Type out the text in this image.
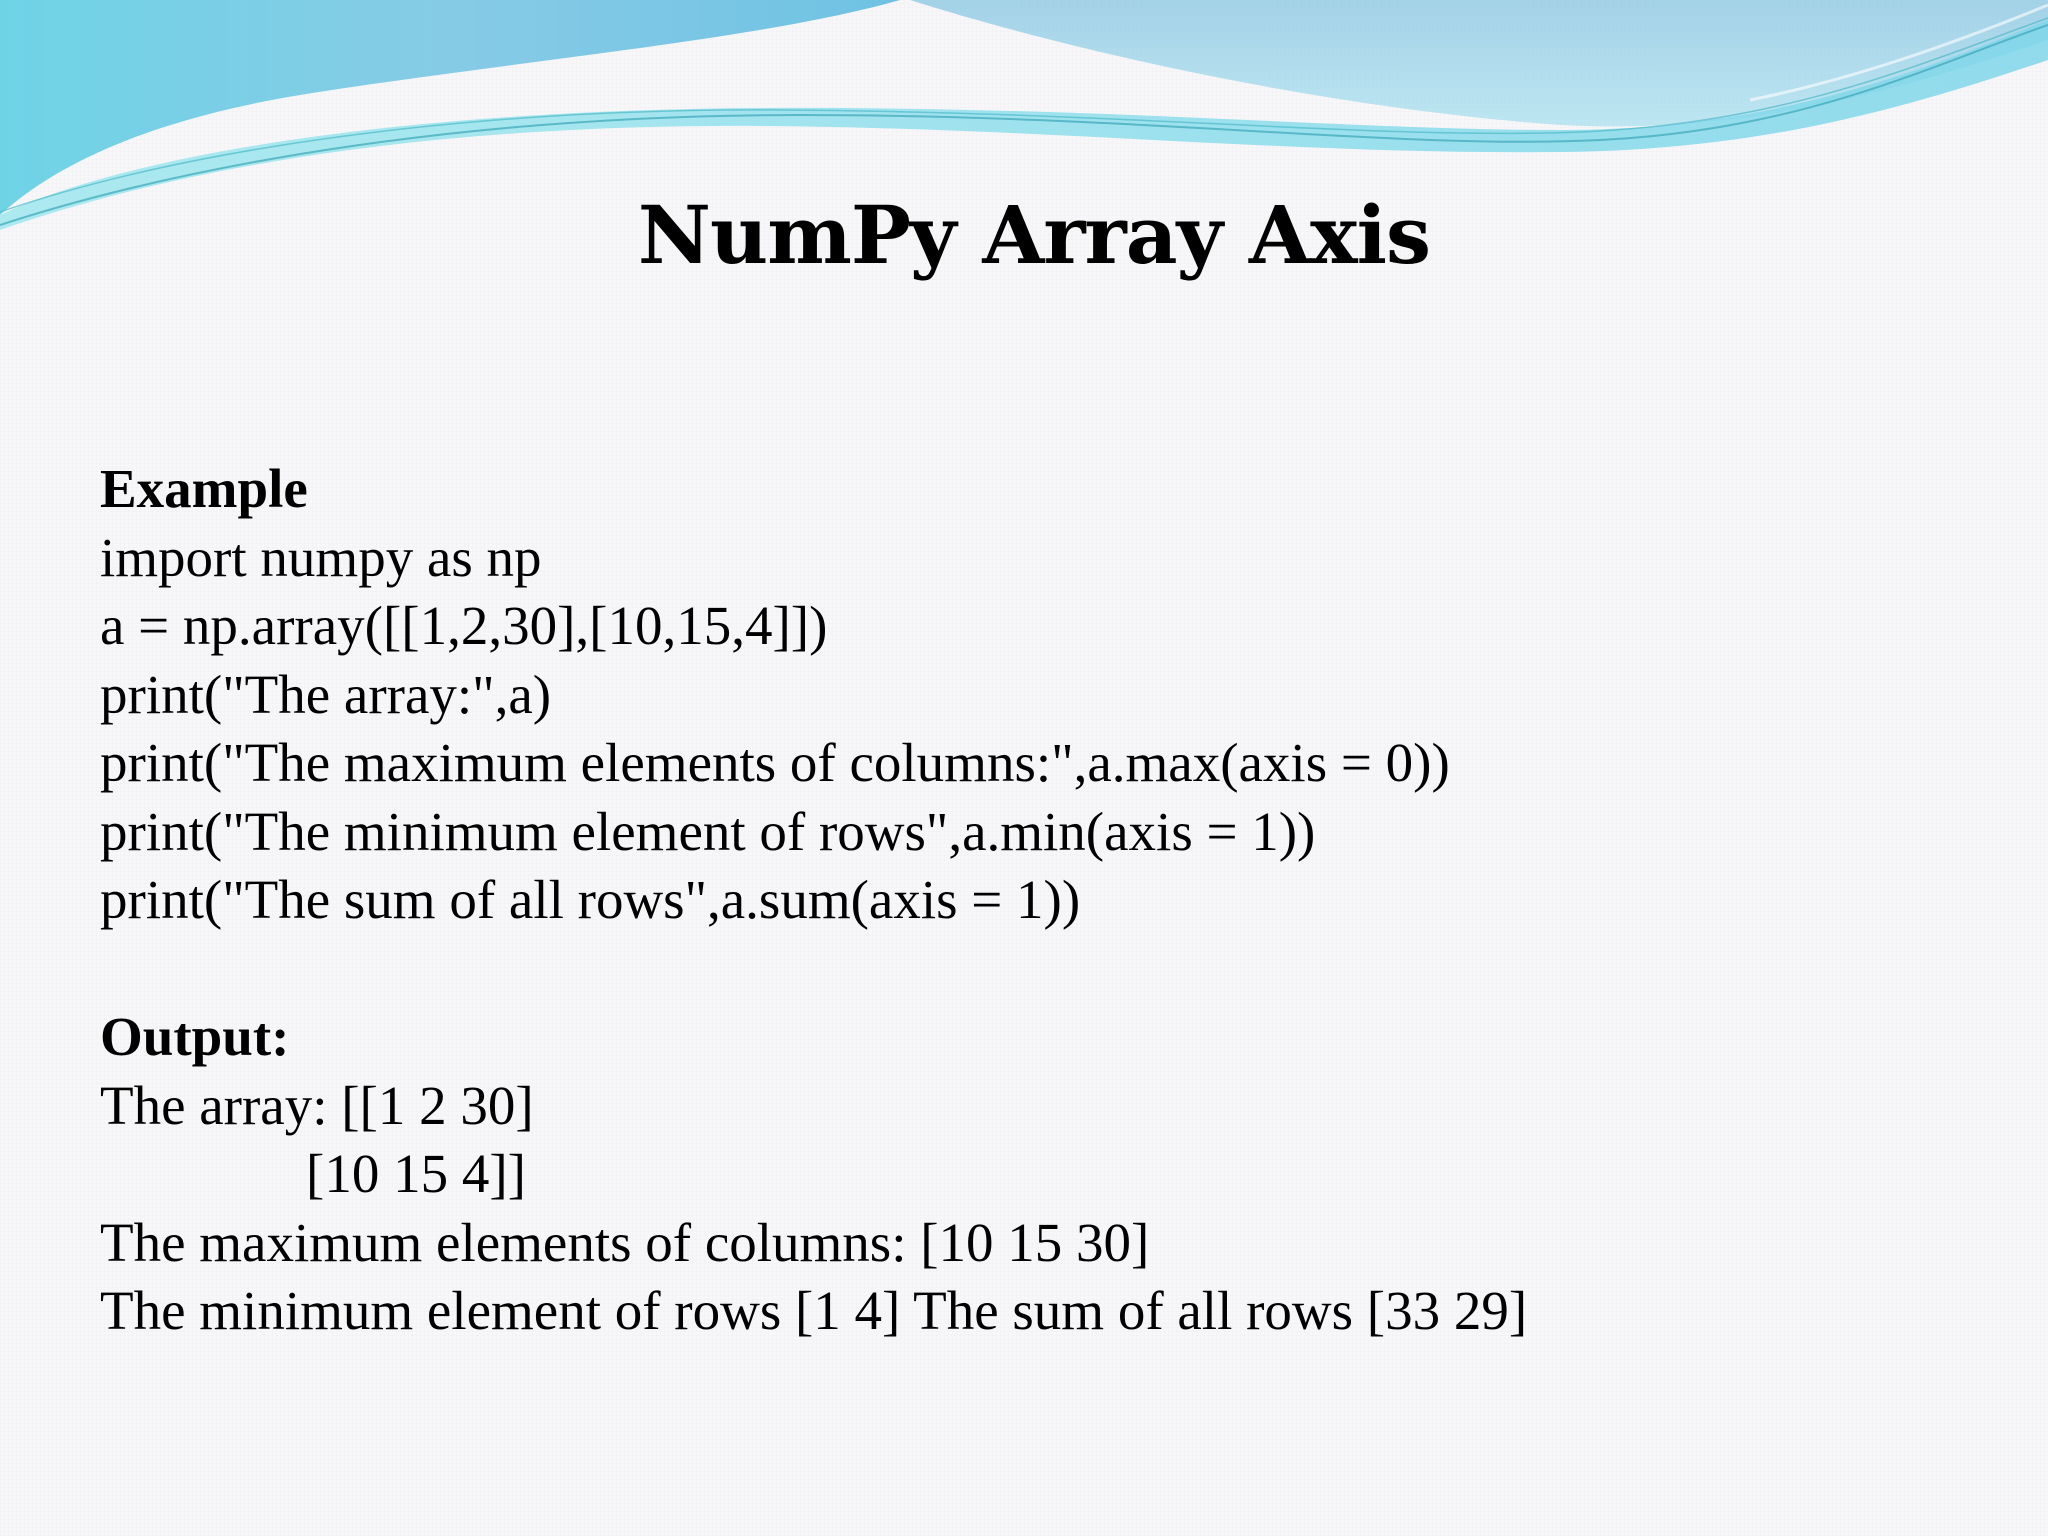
NumPy Array Axis
Example
import numpy as np
a = np.array([[1,2,30],[10,15,4]])
print("The array:",a)
print("The maximum elements of columns:",a.max(axis = 0))
print("The minimum element of rows",a.min(axis = 1))
print("The sum of all rows",a.sum(axis = 1))
Output:
The array: [[1 2 30]
[10 15 4]]
The maximum elements of columns: [10 15 30]
The minimum element of rows [1 4] The sum of all rows [33 29]
